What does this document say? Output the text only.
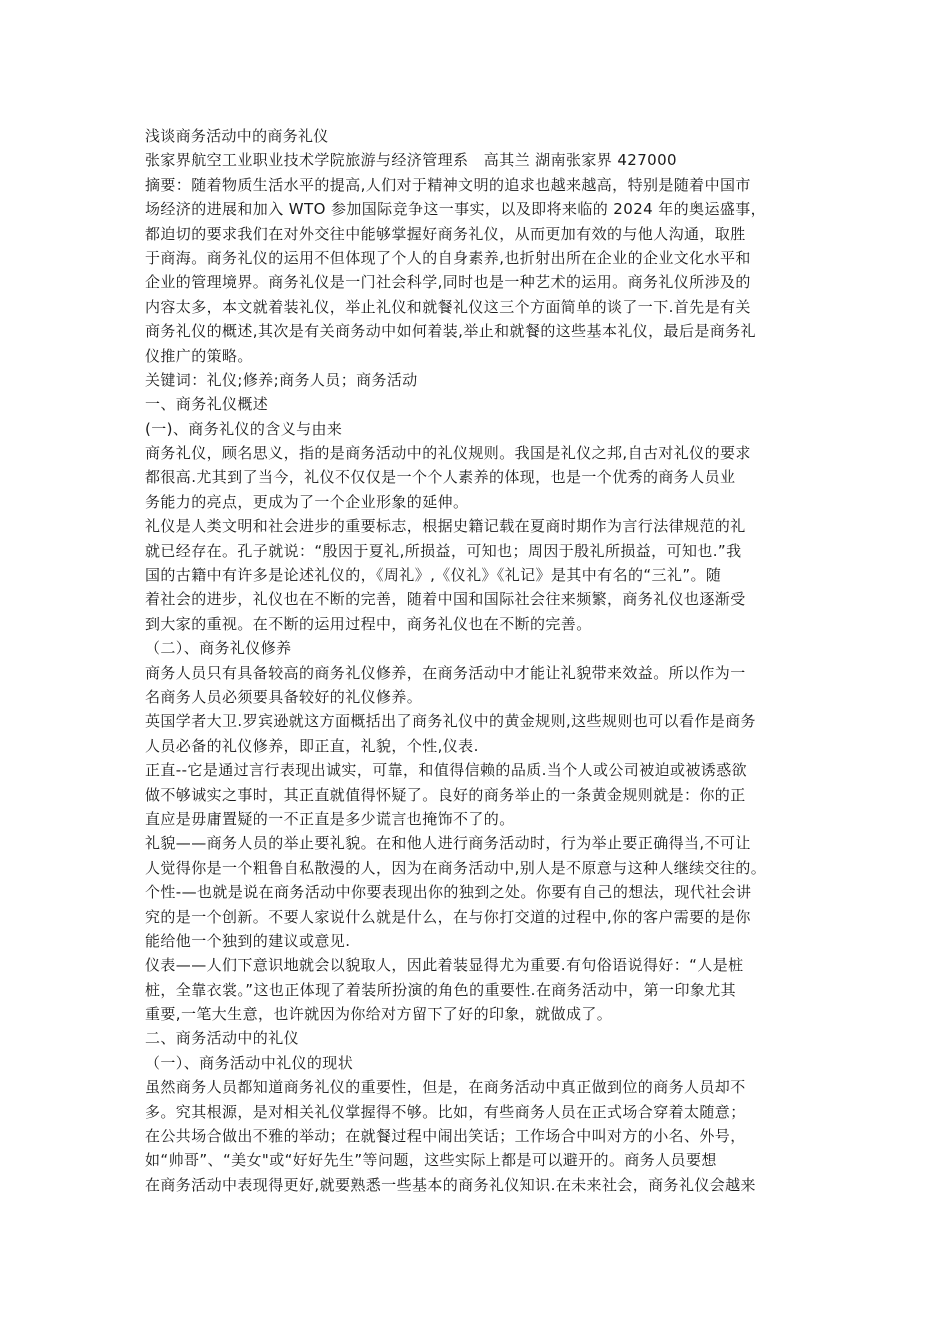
浅谈商务活动中的商务礼仪
张家界航空工业职业技术学院旅游与经济管理系　高其兰 湖南张家界 427000
摘要：随着物质生活水平的提高,人们对于精神文明的追求也越来越高，特别是随着中国市
场经济的进展和加入 WTO 参加国际竞争这一事实，以及即将来临的 2024 年的奥运盛事，
都迫切的要求我们在对外交往中能够掌握好商务礼仪，从而更加有效的与他人沟通，取胜
于商海。商务礼仪的运用不但体现了个人的自身素养,也折射出所在企业的企业文化水平和
企业的管理境界。商务礼仪是一门社会科学,同时也是一种艺术的运用。商务礼仪所涉及的
内容太多，本文就着装礼仪，举止礼仪和就餐礼仪这三个方面简单的谈了一下.首先是有关
商务礼仪的概述,其次是有关商务动中如何着装,举止和就餐的这些基本礼仪，最后是商务礼
仪推广的策略。
关键词：礼仪;修养;商务人员；商务活动
一、商务礼仪概述
(一)、商务礼仪的含义与由来
商务礼仪，顾名思义，指的是商务活动中的礼仪规则。我国是礼仪之邦,自古对礼仪的要求
都很高.尤其到了当今，礼仪不仅仅是一个个人素养的体现，也是一个优秀的商务人员业
务能力的亮点，更成为了一个企业形象的延伸。
礼仪是人类文明和社会进步的重要标志，根据史籍记载在夏商时期作为言行法律规范的礼
就已经存在。孔子就说：“殷因于夏礼,所损益，可知也；周因于殷礼所损益，可知也.”我
国的古籍中有许多是论述礼仪的，《周礼》,《仪礼》《礼记》是其中有名的“三礼”。随
着社会的进步，礼仪也在不断的完善，随着中国和国际社会往来频繁，商务礼仪也逐渐受
到大家的重视。在不断的运用过程中，商务礼仪也在不断的完善。
（二）、商务礼仪修养
商务人员只有具备较高的商务礼仪修养，在商务活动中才能让礼貌带来效益。所以作为一
名商务人员必须要具备较好的礼仪修养。
英国学者大卫.罗宾逊就这方面概括出了商务礼仪中的黄金规则,这些规则也可以看作是商务
人员必备的礼仪修养，即正直，礼貌，个性,仪表.
正直--它是通过言行表现出诚实，可靠，和值得信赖的品质.当个人或公司被迫或被诱惑欲
做不够诚实之事时，其正直就值得怀疑了。良好的商务举止的一条黄金规则就是：你的正
直应是毋庸置疑的一不正直是多少谎言也掩饰不了的。
礼貌——商务人员的举止要礼貌。在和他人进行商务活动时，行为举止要正确得当,不可让
人觉得你是一个粗鲁自私散漫的人，因为在商务活动中,别人是不原意与这种人继续交往的。
个性-—也就是说在商务活动中你要表现出你的独到之处。你要有自己的想法，现代社会讲
究的是一个创新。不要人家说什么就是什么，在与你打交道的过程中,你的客户需要的是你
能给他一个独到的建议或意见.
仪表——人们下意识地就会以貌取人，因此着装显得尤为重要.有句俗语说得好：“人是桩
桩，全靠衣裳。”这也正体现了着装所扮演的角色的重要性.在商务活动中，第一印象尤其
重要,一笔大生意，也许就因为你给对方留下了好的印象，就做成了。
二、商务活动中的礼仪
（一）、商务活动中礼仪的现状
虽然商务人员都知道商务礼仪的重要性，但是，在商务活动中真正做到位的商务人员却不
多。究其根源，是对相关礼仪掌握得不够。比如，有些商务人员在正式场合穿着太随意；
在公共场合做出不雅的举动；在就餐过程中闹出笑话；工作场合中叫对方的小名、外号，
如“帅哥”、“美女"或“好好先生”等问题，这些实际上都是可以避开的。商务人员要想
在商务活动中表现得更好,就要熟悉一些基本的商务礼仪知识.在未来社会，商务礼仪会越来
